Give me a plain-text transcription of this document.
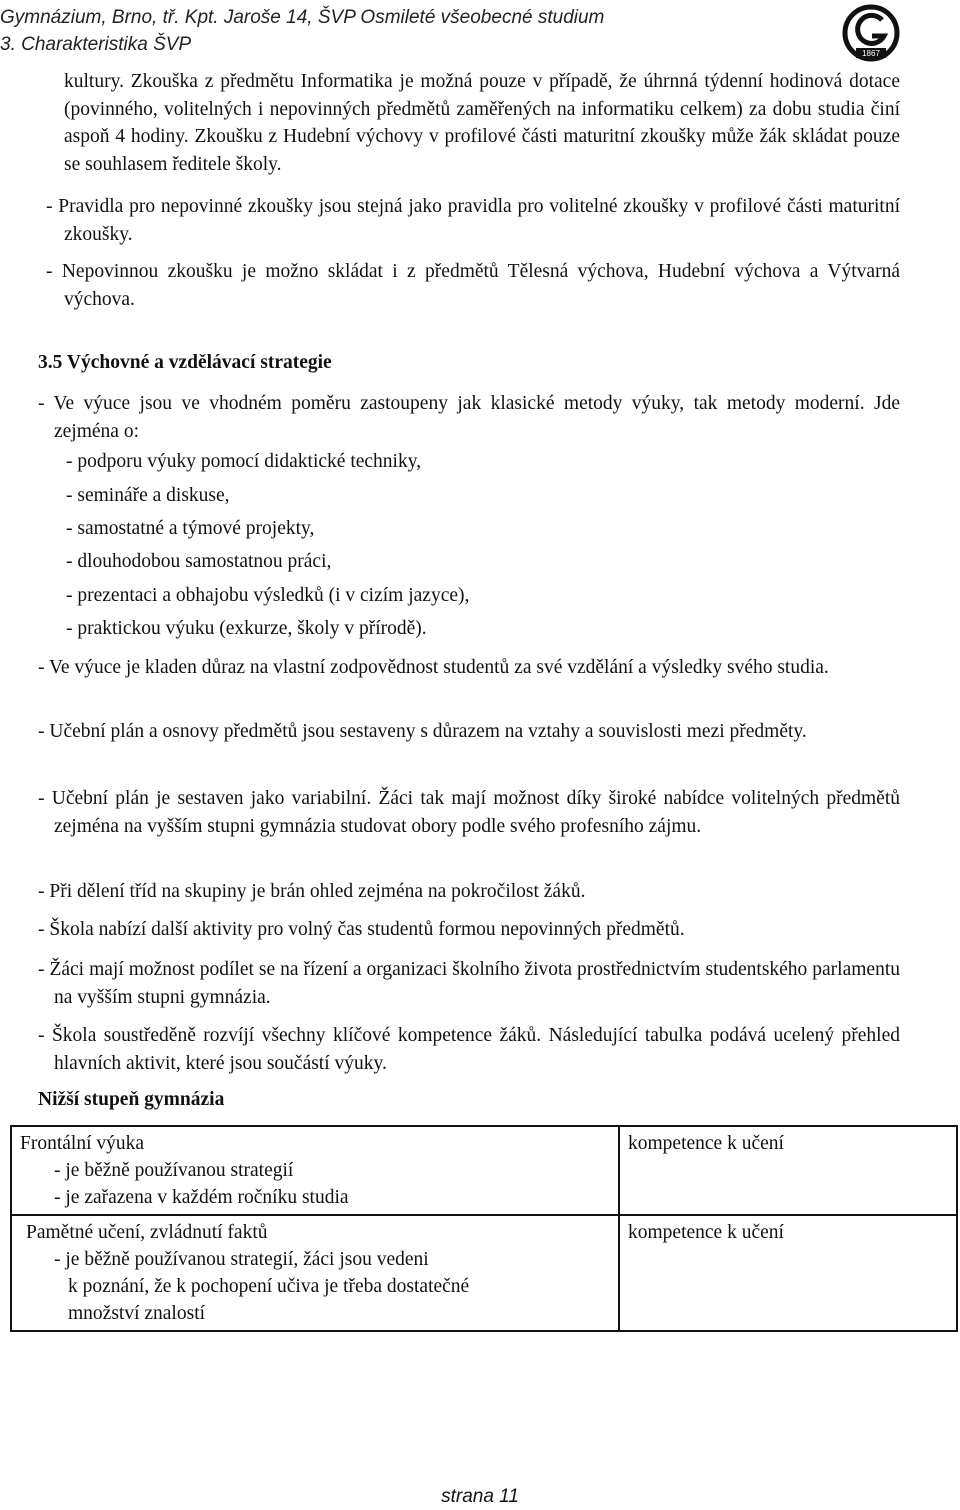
Gymnázium, Brno, tř. Kpt. Jaroše 14, ŠVP Osmileté všeobecné studium
3. Charakteristika ŠVP	1867

kultury. Zkouška z předmětu Informatika je možná pouze v případě, že úhrnná týdenní hodinová dotace (povinného, volitelných i nepovinných předmětů zaměřených na informatiku celkem) za dobu studia činí aspoň 4 hodiny. Zkoušku z Hudební výchovy v profilové části maturitní zkoušky může žák skládat pouze se souhlasem ředitele školy.

- Pravidla pro nepovinné zkoušky jsou stejná jako pravidla pro volitelné zkoušky v profilové části maturitní zkoušky.

- Nepovinnou zkoušku je možno skládat i z předmětů Tělesná výchova, Hudební výchova a Výtvarná výchova.

3.5 Výchovné a vzdělávací strategie

- Ve výuce jsou ve vhodném poměru zastoupeny jak klasické metody výuky, tak metody moderní. Jde zejména o:

- podporu výuky pomocí didaktické techniky,
- semináře a diskuse,
- samostatné a týmové projekty,
- dlouhodobou samostatnou práci,
- prezentaci a obhajobu výsledků (i v cizím jazyce),
- praktickou výuku (exkurze, školy v přírodě).

- Ve výuce je kladen důraz na vlastní zodpovědnost studentů za své vzdělání a výsledky svého studia.

- Učební plán a osnovy předmětů jsou sestaveny s důrazem na vztahy a souvislosti mezi předměty.

- Učební plán je sestaven jako variabilní. Žáci tak mají možnost díky široké nabídce volitelných předmětů zejména na vyšším stupni gymnázia studovat obory podle svého profesního zájmu.

- Při dělení tříd na skupiny je brán ohled zejména na pokročilost žáků.

- Škola nabízí další aktivity pro volný čas studentů formou nepovinných předmětů.

- Žáci mají možnost podílet se na řízení a organizaci školního života prostřednictvím studentského parlamentu na vyšším stupni gymnázia.

- Škola soustředěně rozvíjí všechny klíčové kompetence žáků. Následující tabulka podává ucelený přehled hlavních aktivit, které jsou součástí výuky.

Nižší stupeň gymnázia
Frontální výuka
- je běžně používanou strategií
- je zařazena v každém ročníku studia	kompetence k učení

Pamětné učení, zvládnutí faktů
- je běžně používanou strategií, žáci jsou vedeni
k poznání, že k pochopení učiva je třeba dostatečné
množství znalostí	kompetence k učení
strana 11
